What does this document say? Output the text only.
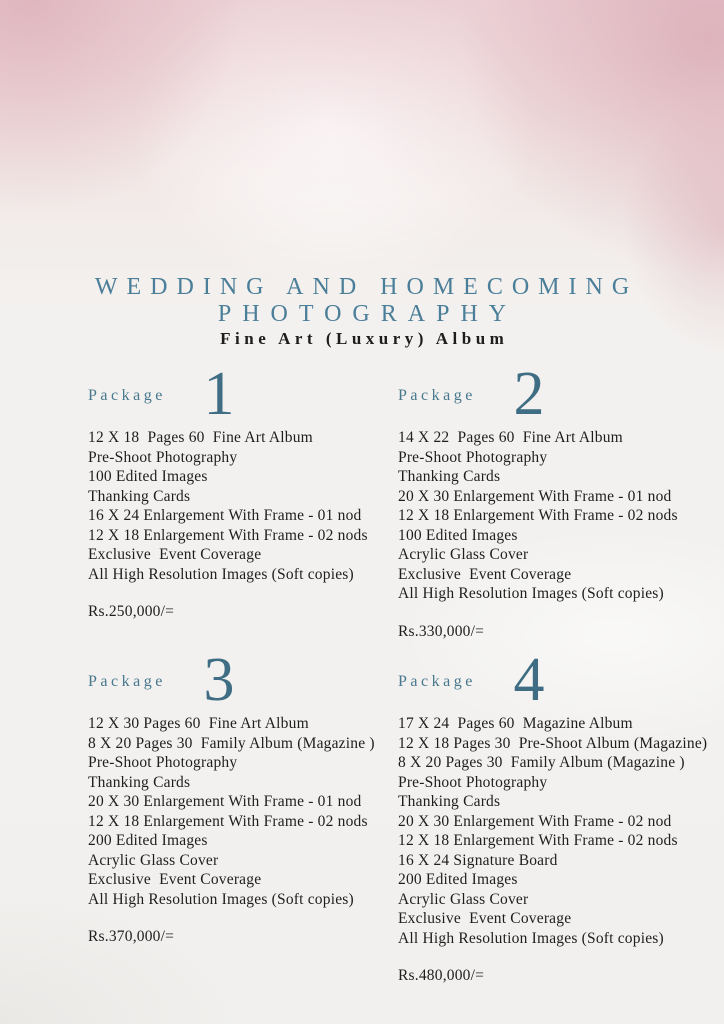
WEDDING AND HOMECOMING
PHOTOGRAPHY
Fine Art (Luxury) Album
Package 1
12 X 18  Pages 60  Fine Art Album
Pre-Shoot Photography
100 Edited Images
Thanking Cards
16 X 24 Enlargement With Frame - 01 nod
12 X 18 Enlargement With Frame - 02 nods
Exclusive  Event Coverage
All High Resolution Images (Soft copies)
Rs.250,000/=
Package 2
14 X 22  Pages 60  Fine Art Album
Pre-Shoot Photography
Thanking Cards
20 X 30 Enlargement With Frame - 01 nod
12 X 18 Enlargement With Frame - 02 nods
100 Edited Images
Acrylic Glass Cover
Exclusive  Event Coverage
All High Resolution Images (Soft copies)
Rs.330,000/=
Package 3
12 X 30 Pages 60  Fine Art Album
8 X 20 Pages 30  Family Album (Magazine )
Pre-Shoot Photography
Thanking Cards
20 X 30 Enlargement With Frame - 01 nod
12 X 18 Enlargement With Frame - 02 nods
200 Edited Images
Acrylic Glass Cover
Exclusive  Event Coverage
All High Resolution Images (Soft copies)
Rs.370,000/=
Package 4
17 X 24  Pages 60  Magazine Album
12 X 18 Pages 30  Pre-Shoot Album (Magazine)
8 X 20 Pages 30  Family Album (Magazine )
Pre-Shoot Photography
Thanking Cards
20 X 30 Enlargement With Frame - 02 nod
12 X 18 Enlargement With Frame - 02 nods
16 X 24 Signature Board
200 Edited Images
Acrylic Glass Cover
Exclusive  Event Coverage
All High Resolution Images (Soft copies)
Rs.480,000/=
